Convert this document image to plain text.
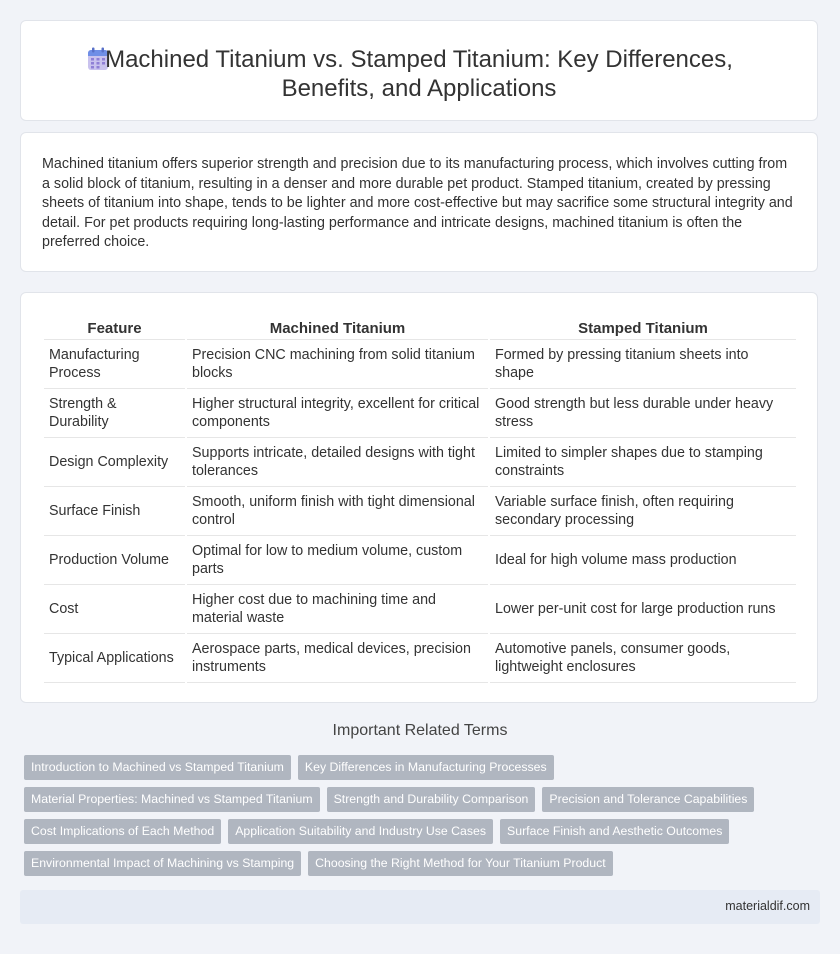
Machined Titanium vs. Stamped Titanium: Key Differences, Benefits, and Applications

Machined titanium offers superior strength and precision due to its manufacturing process, which involves cutting from a solid block of titanium, resulting in a denser and more durable pet product. Stamped titanium, created by pressing sheets of titanium into shape, tends to be lighter and more cost-effective but may sacrifice some structural integrity and detail. For pet products requiring long-lasting performance and intricate designs, machined titanium is often the preferred choice.

Feature	Machined Titanium	Stamped Titanium
Manufacturing Process	Precision CNC machining from solid titanium blocks	Formed by pressing titanium sheets into shape
Strength & Durability	Higher structural integrity, excellent for critical components	Good strength but less durable under heavy stress
Design Complexity	Supports intricate, detailed designs with tight tolerances	Limited to simpler shapes due to stamping constraints
Surface Finish	Smooth, uniform finish with tight dimensional control	Variable surface finish, often requiring secondary processing
Production Volume	Optimal for low to medium volume, custom parts	Ideal for high volume mass production
Cost	Higher cost due to machining time and material waste	Lower per-unit cost for large production runs
Typical Applications	Aerospace parts, medical devices, precision instruments	Automotive panels, consumer goods, lightweight enclosures
Important Related Terms
Introduction to Machined vs Stamped Titanium	Key Differences in Manufacturing Processes
Material Properties: Machined vs Stamped Titanium	Strength and Durability Comparison	Precision and Tolerance Capabilities
Cost Implications of Each Method	Application Suitability and Industry Use Cases	Surface Finish and Aesthetic Outcomes
Environmental Impact of Machining vs Stamping	Choosing the Right Method for Your Titanium Product
materialdif.com
